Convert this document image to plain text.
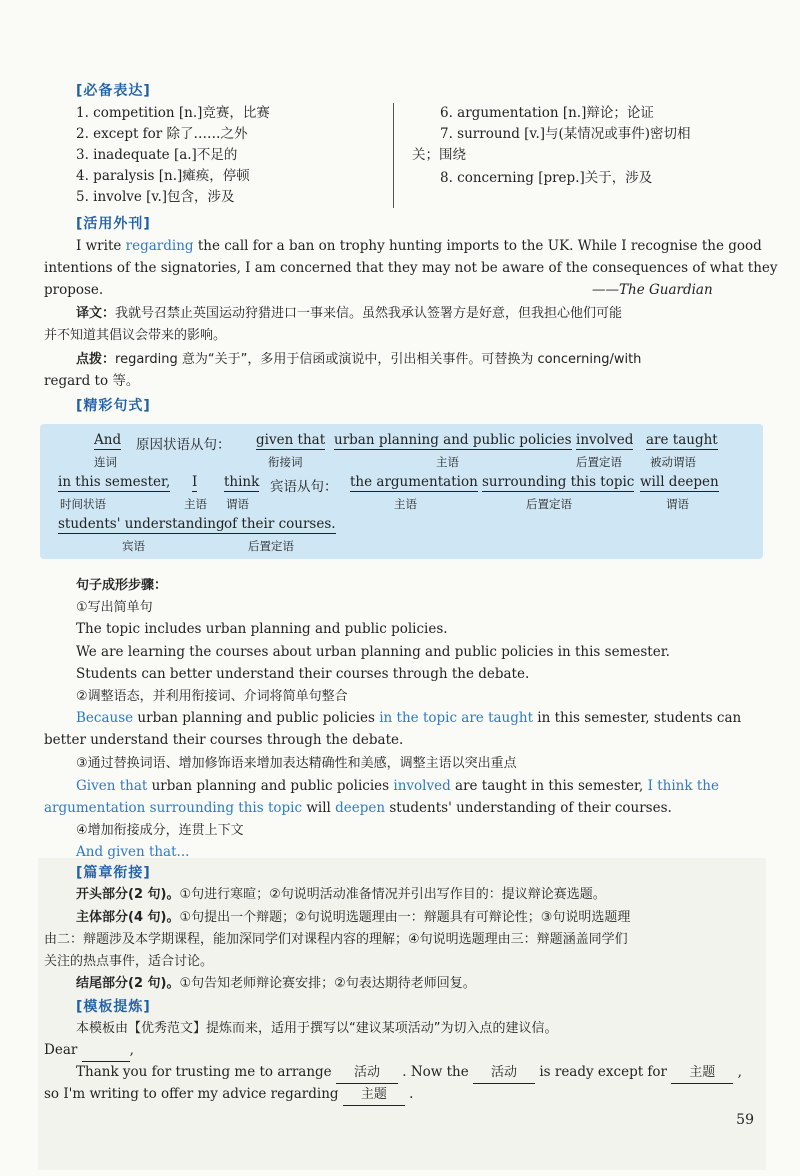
[必备表达]
1. competition [n.]竞赛，比赛
2. except for 除了……之外
3. inadequate [a.]不足的
4. paralysis [n.]瘫痪，停顿
5. involve [v.]包含，涉及
6. argumentation [n.]辩论；论证
7. surround [v.]与(某情况或事件)密切相
关；围绕
8. concerning [prep.]关于，涉及
[活用外刊]
I write regarding the call for a ban on trophy hunting imports to the UK. While I recognise the good
intentions of the signatories, I am concerned that they may not be aware of the consequences of what they
propose.	——The Guardian
译文：我就号召禁止英国运动狩猎进口一事来信。虽然我承认签署方是好意，但我担心他们可能
并不知道其倡议会带来的影响。
点拨：regarding 意为“关于”，多用于信函或演说中，引出相关事件。可替换为 concerning/with
regard to 等。
[精彩句式]
And
连词
原因状语从句： given that
衔接词
urban planning and public policies
主语
involved
后置定语
are taught
被动谓语
in this semester,
时间状语
I
主语
think
谓语
宾语从句： the argumentation
主语
surrounding this topic
后置定语
will deepen
谓语
students' understanding
宾语
of their courses.
后置定语
句子成形步骤：
①写出简单句
The topic includes urban planning and public policies.
We are learning the courses about urban planning and public policies in this semester.
Students can better understand their courses through the debate.
②调整语态，并利用衔接词、介词将简单句整合
Because urban planning and public policies in the topic are taught in this semester, students can
better understand their courses through the debate.
③通过替换词语、增加修饰语来增加表达精确性和美感，调整主语以突出重点
Given that urban planning and public policies involved are taught in this semester, I think the
argumentation surrounding this topic will deepen students' understanding of their courses.
④增加衔接成分，连贯上下文
And given that...
[篇章衔接]
开头部分(2 句)。①句进行寒暄；②句说明活动准备情况并引出写作目的：提议辩论赛选题。
主体部分(4 句)。①句提出一个辩题；②句说明选题理由一：辩题具有可辩论性；③句说明选题理
由二：辩题涉及本学期课程，能加深同学们对课程内容的理解；④句说明选题理由三：辩题涵盖同学们
关注的热点事件，适合讨论。
结尾部分(2 句)。①句告知老师辩论赛安排；②句表达期待老师回复。
[模板提炼]
本模板由【优秀范文】提炼而来，适用于撰写以“建议某项活动”为切入点的建议信。
Dear	,
Thank you for trusting me to arrange 活动 . Now the 活动 is ready except for 主题 ,
so I'm writing to offer my advice regarding 主题 .
59
